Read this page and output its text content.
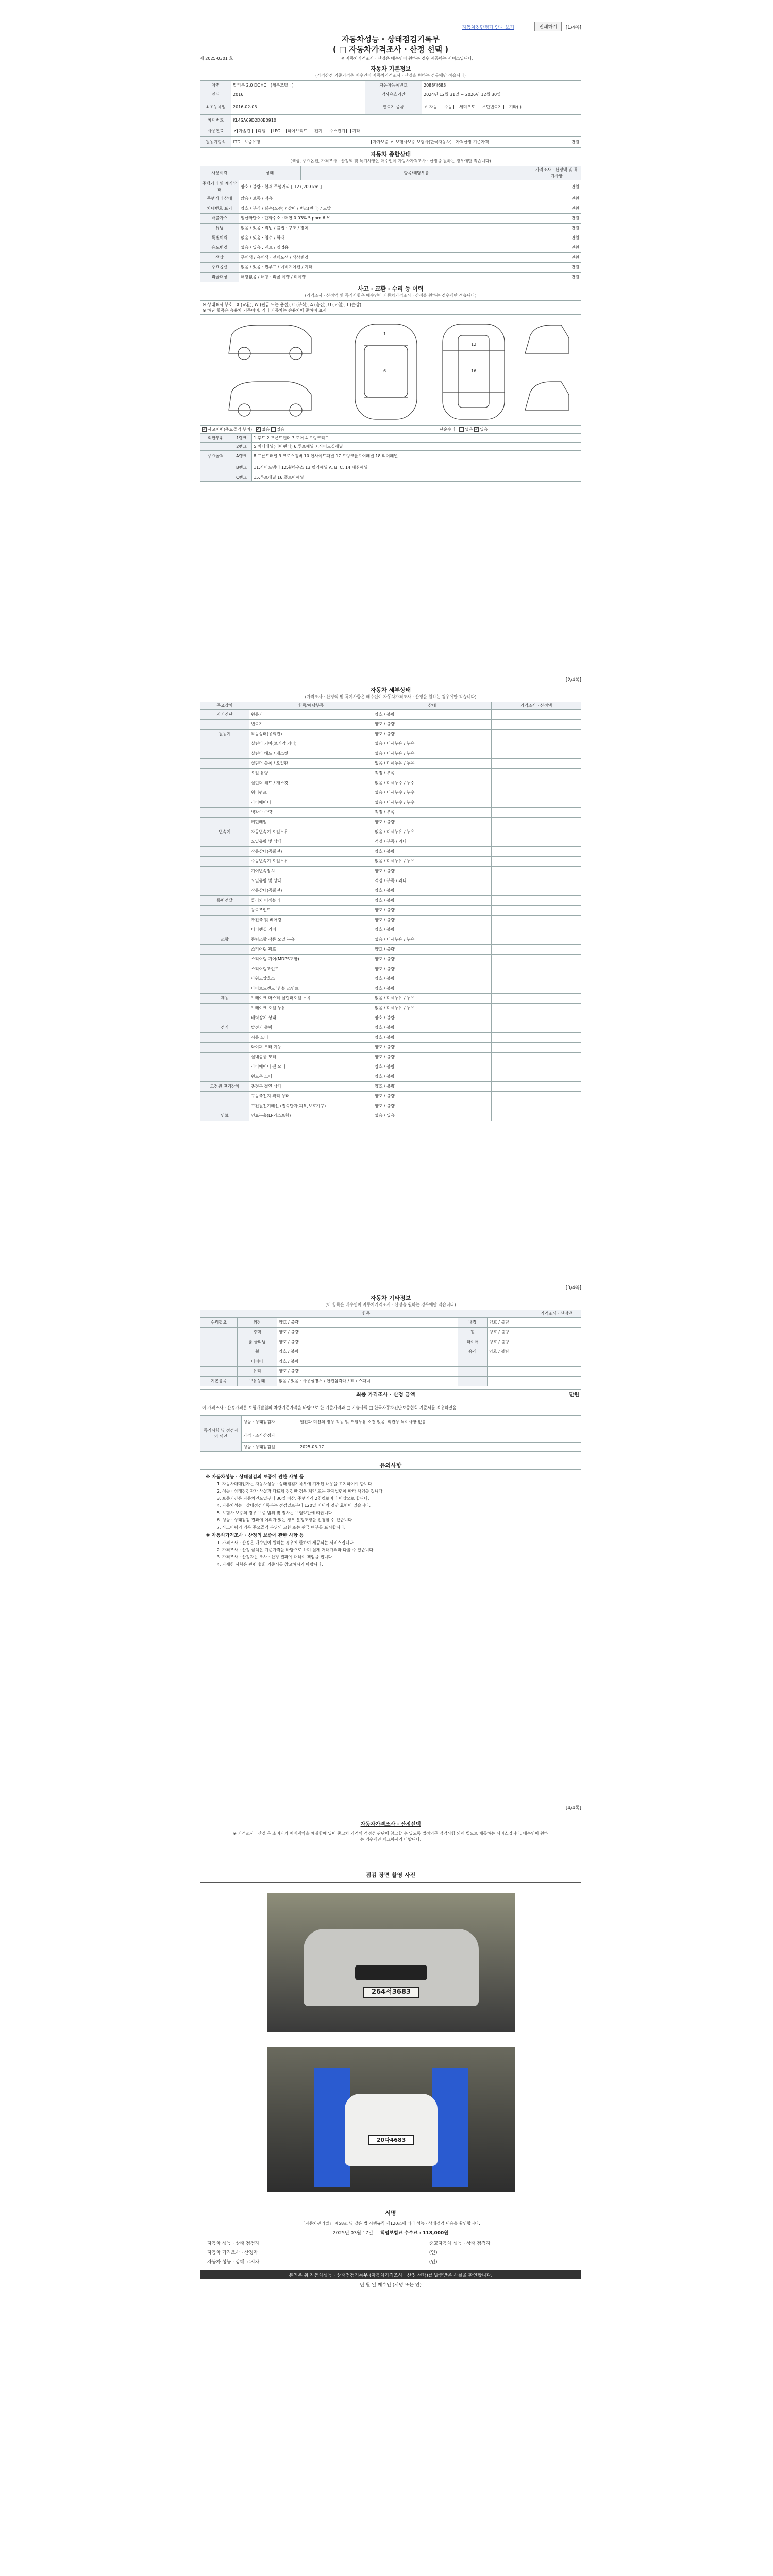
자동차진단평가 안내 보기	인쇄하기	[1/4쪽]
자동차성능 · 상태점검기록부
( □ 자동차가격조사 · 산정 선택 )
제 2025-0301 호	※ 자동차가격조사 · 산정은 매수인이 원하는 경우 제공하는 서비스입니다.
자동차 기본정보
(가격산정 기준가격은 매수인이 자동차가격조사 · 산정을 원하는 경우에만 적습니다)
차명	말리부 2.0 DOHC (세부모델 : )	자동차등록번호	2088다683
연식	2016	검사유효기간	2024년 12월 31일 ~ 2026년 12월 30일
최초등록일	2016-02-03	변속기 종류	✔자동 수동 세미오토 무단변속기 기타( )
차대번호	KL4SA69D2D0B0910		
사용연료	✔가솔린 디젤 LPG 하이브리드 전기 수소전기 기타
원동기형식	LTD 보증유형	자가보증 ✔ 보험사보증 보험사(한국자동차) 가격산정 기준가격 만원
자동차 종합상태
(색상, 주요옵션, 가격조사 · 산정액 및 특기사항은 매수인이 자동차가격조사 · 산정을 원하는 경우에만 적습니다)
사용이력	상태	항목/해당부품	가격조사 · 산정액 및 특기사항
주행거리 및 계기상태	양호 / 불량 · 현재 주행거리 [ 127,209 km ]		만원
주행거리 상태	많음 / 보통 / 적음		만원
차대번호 표기	양호 / 부식 / 훼손(오손) / 상이 / 변조(변타) / 도말		만원
배출가스	일산화탄소 · 탄화수소 · 매연 0.03% 5 ppm 6 %		만원
튜닝	없음 / 있음 : 적법 / 불법 · 구조 / 장치		만원
특별이력	없음 / 있음 : 침수 / 화재		만원
용도변경	없음 / 있음 : 렌트 / 영업용		만원
색상	무채색 / 유채색 · 전체도색 / 색상변경		만원
주요옵션	없음 / 있음 · 썬루프 / 네비게이션 / 기타		만원
리콜대상	해당없음 / 해당 · 리콜 이행 / 미이행		만원
사고 · 교환 · 수리 등 이력
(가격조사 · 산정액 및 특기사항은 매수인이 자동차가격조사 · 산정을 원하는 경우에만 적습니다)
※ 상태표시 부호 : X (교환), W (판금 또는 용접), C (부식), A (흠집), U (요철), T (손상)
※ 하단 항목은 승용차 기준이며, 기타 자동차는 승용차에 준하여 표시
1
6	16
12
✔사고이력(주요골격 부위) ✔ 없음 있음	단순수리 없음 ✔ 있음
외판부위	1랭크	1.후드 2.프론트펜더 3.도어 4.트렁크리드	
	2랭크	5.쿼터패널(리어펜더) 6.루프패널 7.사이드실패널	
주요골격	A랭크	8.프론트패널 9.크로스멤버 10.인사이드패널 17.트렁크플로어패널 18.리어패널	
	B랭크	11.사이드멤버 12.휠하우스 13.필러패널 A. B. C. 14.대쉬패널	
	C랭크	15.루프패널 16.플로어패널	
[2/4쪽]
자동차 세부상태
(가격조사 · 산정액 및 특기사항은 매수인이 자동차가격조사 · 산정을 원하는 경우에만 적습니다)
주요장치	항목/해당부품	상태	가격조사 · 산정액
자기진단	원동기	양호 / 불량	
	변속기	양호 / 불량	
원동기	작동상태(공회전)	양호 / 불량	
	실린더 커버(로커암 커버)	없음 / 미세누유 / 누유	
	실린더 헤드 / 개스킷	없음 / 미세누유 / 누유	
	실린더 블록 / 오일팬	없음 / 미세누유 / 누유	
	오일 유량	적정 / 부족	
	실린더 헤드 / 개스킷	없음 / 미세누수 / 누수	
	워터펌프	없음 / 미세누수 / 누수	
	라디에이터	없음 / 미세누수 / 누수	
	냉각수 수량	적정 / 부족	
	커먼레일	양호 / 불량	
변속기	자동변속기 오일누유	없음 / 미세누유 / 누유	
	오일유량 및 상태	적정 / 부족 / 과다	
	작동상태(공회전)	양호 / 불량	
	수동변속기 오일누유	없음 / 미세누유 / 누유	
	기어변속장치	양호 / 불량	
	오일유량 및 상태	적정 / 부족 / 과다	
	작동상태(공회전)	양호 / 불량	
동력전달	클러치 어셈블리	양호 / 불량	
	등속조인트	양호 / 불량	
	추진축 및 베어링	양호 / 불량	
	디퍼렌셜 기어	양호 / 불량	
조향	동력조향 작동 오일 누유	없음 / 미세누유 / 누유	
	스티어링 펌프	양호 / 불량	
	스티어링 기어(MDPS포함)	양호 / 불량	
	스티어링조인트	양호 / 불량	
	파워고압호스	양호 / 불량	
	타이로드엔드 및 볼 조인트	양호 / 불량	
제동	브레이크 마스터 실린더오일 누유	없음 / 미세누유 / 누유	
	브레이크 오일 누유	없음 / 미세누유 / 누유	
	배력장치 상태	양호 / 불량	
전기	발전기 출력	양호 / 불량	
	시동 모터	양호 / 불량	
	와이퍼 모터 기능	양호 / 불량	
	실내송풍 모터	양호 / 불량	
	라디에이터 팬 모터	양호 / 불량	
	윈도우 모터	양호 / 불량	
고전원 전기장치	충전구 절연 상태	양호 / 불량	
	구동축전지 격리 상태	양호 / 불량	
	고전원전기배선 (접속단자,피복,보호기구)	양호 / 불량	
연료	연료누출(LP가스포함)	없음 / 있음	
[3/4쪽]
자동차 기타정보
(이 항목은 매수인이 자동차가격조사 · 산정을 원하는 경우에만 적습니다)
항목					가격조사 · 산정액
수리필요	외장	양호 / 불량	내장	양호 / 불량	
	광택	양호 / 불량	휠	양호 / 불량	
	룸 클리닝	양호 / 불량	타이어	양호 / 불량	
	휠	양호 / 불량	유리	양호 / 불량	
	타이어	양호 / 불량			
	유리	양호 / 불량			
기본품목	보유상태	없음 / 있음 · 사용설명서 / 안전삼각대 / 잭 / 스패너			
최종 가격조사 · 산정 금액	만원

이 가격조사 · 산정가격은 보험개발원의 차량기준가액을 바탕으로 한 기준가격과 □ 기술사회 □ 한국자동차진단보증협회 기준서를 적용하였음.
특기사항 및 점검자의 의견	성능 · 상태점검자	엔진과 미션의 정상 작동 및 오일누유 소견 없음. 외관상 특이사항 없음.
가격 · 조사산정자
성능 · 상태점검일	2025-03-17
유의사항
※ 자동차성능 · 상태점검의 보증에 관한 사항 등
1. 자동차매매업자는 자동차성능 · 상태점검기록부에 기재된 내용을 고지하여야 합니다.
2. 성능 · 상태점검자가 사실과 다르게 점검한 경우 계약 또는 관계법령에 따라 책임을 집니다.
3. 보증기간은 자동차인도일부터 30일 이상, 주행거리 2천킬로미터 이상으로 합니다.
4. 자동차성능 · 상태점검기록부는 점검일로부터 120일 이내의 것만 효력이 있습니다.
5. 보험사 보증의 경우 보증 범위 및 절차는 보험약관에 따릅니다.
6. 성능 · 상태점검 결과에 이의가 있는 경우 분쟁조정을 신청할 수 있습니다.
7. 사고이력의 경우 주요골격 부위의 교환 또는 판금 여부를 표시합니다.
※ 자동차가격조사 · 산정의 보증에 관한 사항 등
1. 가격조사 · 산정은 매수인이 원하는 경우에 한하여 제공되는 서비스입니다.
2. 가격조사 · 산정 금액은 기준가격을 바탕으로 하며 실제 거래가격과 다를 수 있습니다.
3. 가격조사 · 산정자는 조사 · 산정 결과에 대하여 책임을 집니다.
4. 자세한 사항은 관련 협회 기준서를 참고하시기 바랍니다.
[4/4쪽]
자동차가격조사 · 산정선택
※ 가격조사 · 산정 은 소비자가 매매계약을 체결함에 있어 중고차 가격의 적정성 판단에 참고할 수 있도록 법정의무 점검사항 외에 별도로 제공하는 서비스입니다. 매수인이 원하는 경우에만 체크하시기 바랍니다.
점검 장면 촬영 사진
264서3683
20다4683
서명
「자동차관리법」 제58조 및 같은 법 시행규칙 제120조에 따라 성능 · 상태점검 내용을 확인합니다.
2025년 03월 17일 책임보험료 수수료 : 118,000원
자동차 성능 · 상태 점검자	중고자동차 성능 · 상태 점검자
자동차 가격조사 · 산정자	(인)
자동차 성능 · 상태 고지자	(인)
본인은 위 자동차성능 · 상태점검기록부 (자동차가격조사 · 산정 선택)를 발급받은 사실을 확인합니다.
년 월 일 매수인 (서명 또는 인)
